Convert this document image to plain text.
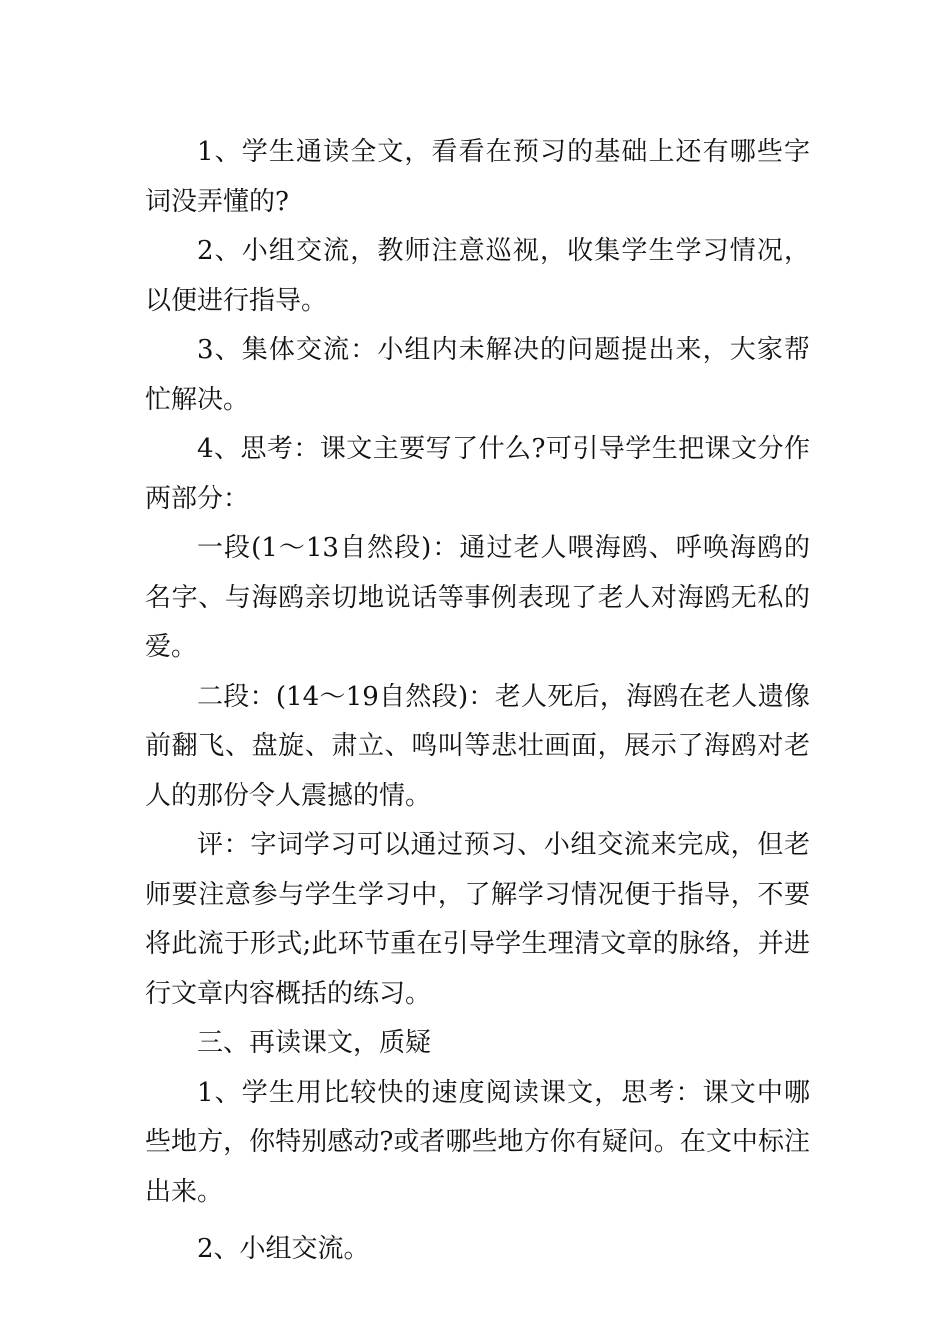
1、学生通读全文，看看在预习的基础上还有哪些字词没弄懂的?

2、小组交流，教师注意巡视，收集学生学习情况，以便进行指导。

3、集体交流：小组内未解决的问题提出来，大家帮忙解决。

4、思考：课文主要写了什么?可引导学生把课文分作两部分：

一段(1～13自然段)：通过老人喂海鸥、呼唤海鸥的名字、与海鸥亲切地说话等事例表现了老人对海鸥无私的爱。

二段：(14～19自然段)：老人死后，海鸥在老人遗像前翻飞、盘旋、肃立、鸣叫等悲壮画面，展示了海鸥对老人的那份令人震撼的情。

评：字词学习可以通过预习、小组交流来完成，但老师要注意参与学生学习中，了解学习情况便于指导，不要将此流于形式;此环节重在引导学生理清文章的脉络，并进行文章内容概括的练习。

三、再读课文，质疑

1、学生用比较快的速度阅读课文，思考：课文中哪些地方，你特别感动?或者哪些地方你有疑问。在文中标注出来。

2、小组交流。
